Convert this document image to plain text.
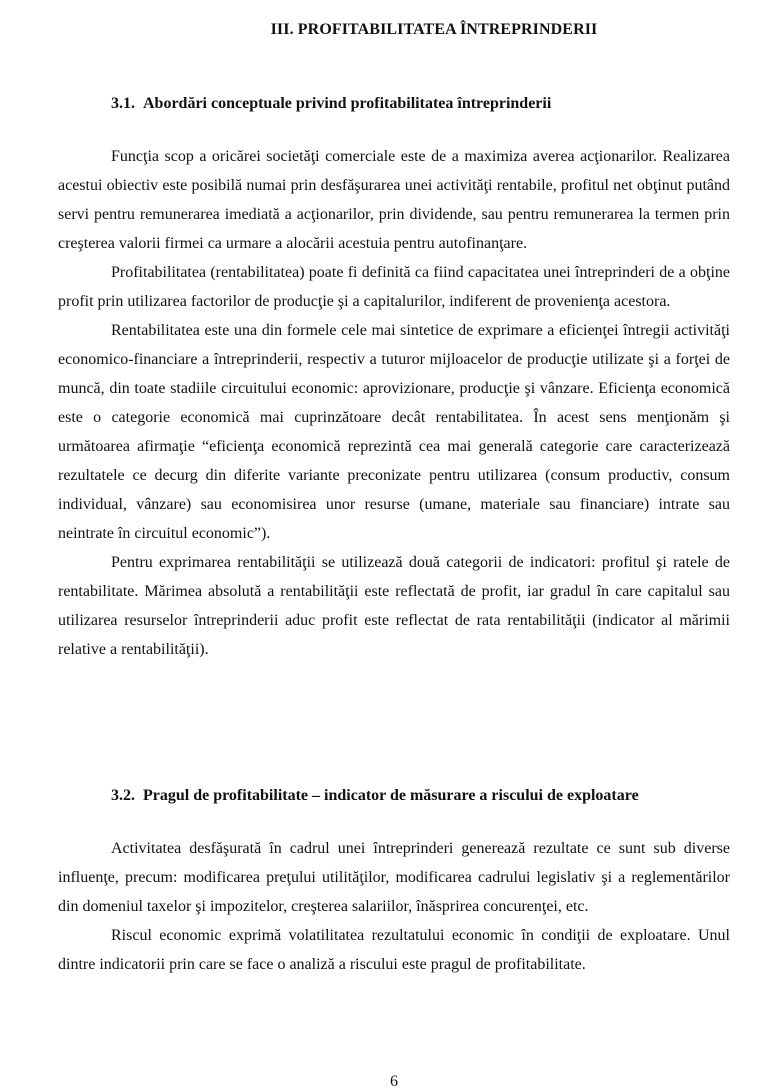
III. PROFITABILITATEA ÎNTREPRINDERII
3.1. Abordări conceptuale privind profitabilitatea întreprinderii

Funcţia scop a oricărei societăţi comerciale este de a maximiza averea acţionarilor. Realizarea acestui obiectiv este posibilă numai prin desfăşurarea unei activităţi rentabile, profitul net obţinut putând servi pentru remunerarea imediată a acţionarilor, prin dividende, sau pentru remunerarea la termen prin creşterea valorii firmei ca urmare a alocării acestuia pentru autofinanţare.

Profitabilitatea (rentabilitatea) poate fi definită ca fiind capacitatea unei întreprinderi de a obţine profit prin utilizarea factorilor de producţie şi a capitalurilor, indiferent de provenienţa acestora.

Rentabilitatea este una din formele cele mai sintetice de exprimare a eficienţei întregii activităţi economico-financiare a întreprinderii, respectiv a tuturor mijloacelor de producţie utilizate şi a forţei de muncă, din toate stadiile circuitului economic: aprovizionare, producţie şi vânzare. Eficienţa economică este o categorie economică mai cuprinzătoare decât rentabilitatea. În acest sens menţionăm şi următoarea afirmaţie “eficienţa economică reprezintă cea mai generală categorie care caracterizează rezultatele ce decurg din diferite variante preconizate pentru utilizarea (consum productiv, consum individual, vânzare) sau economisirea unor resurse (umane, materiale sau financiare) intrate sau neintrate în circuitul economic”).

Pentru exprimarea rentabilităţii se utilizează două categorii de indicatori: profitul şi ratele de rentabilitate. Mărimea absolută a rentabilităţii este reflectată de profit, iar gradul în care capitalul sau utilizarea resurselor întreprinderii aduc profit este reflectat de rata rentabilităţii (indicator al mărimii relative a rentabilităţii).

3.2. Pragul de profitabilitate – indicator de măsurare a riscului de exploatare

Activitatea desfăşurată în cadrul unei întreprinderi generează rezultate ce sunt sub diverse influenţe, precum: modificarea preţului utilităţilor, modificarea cadrului legislativ şi a reglementărilor din domeniul taxelor şi impozitelor, creşterea salariilor, înăsprirea concurenţei, etc.

Riscul economic exprimă volatilitatea rezultatului economic în condiţii de exploatare. Unul dintre indicatorii prin care se face o analiză a riscului este pragul de profitabilitate.

6
